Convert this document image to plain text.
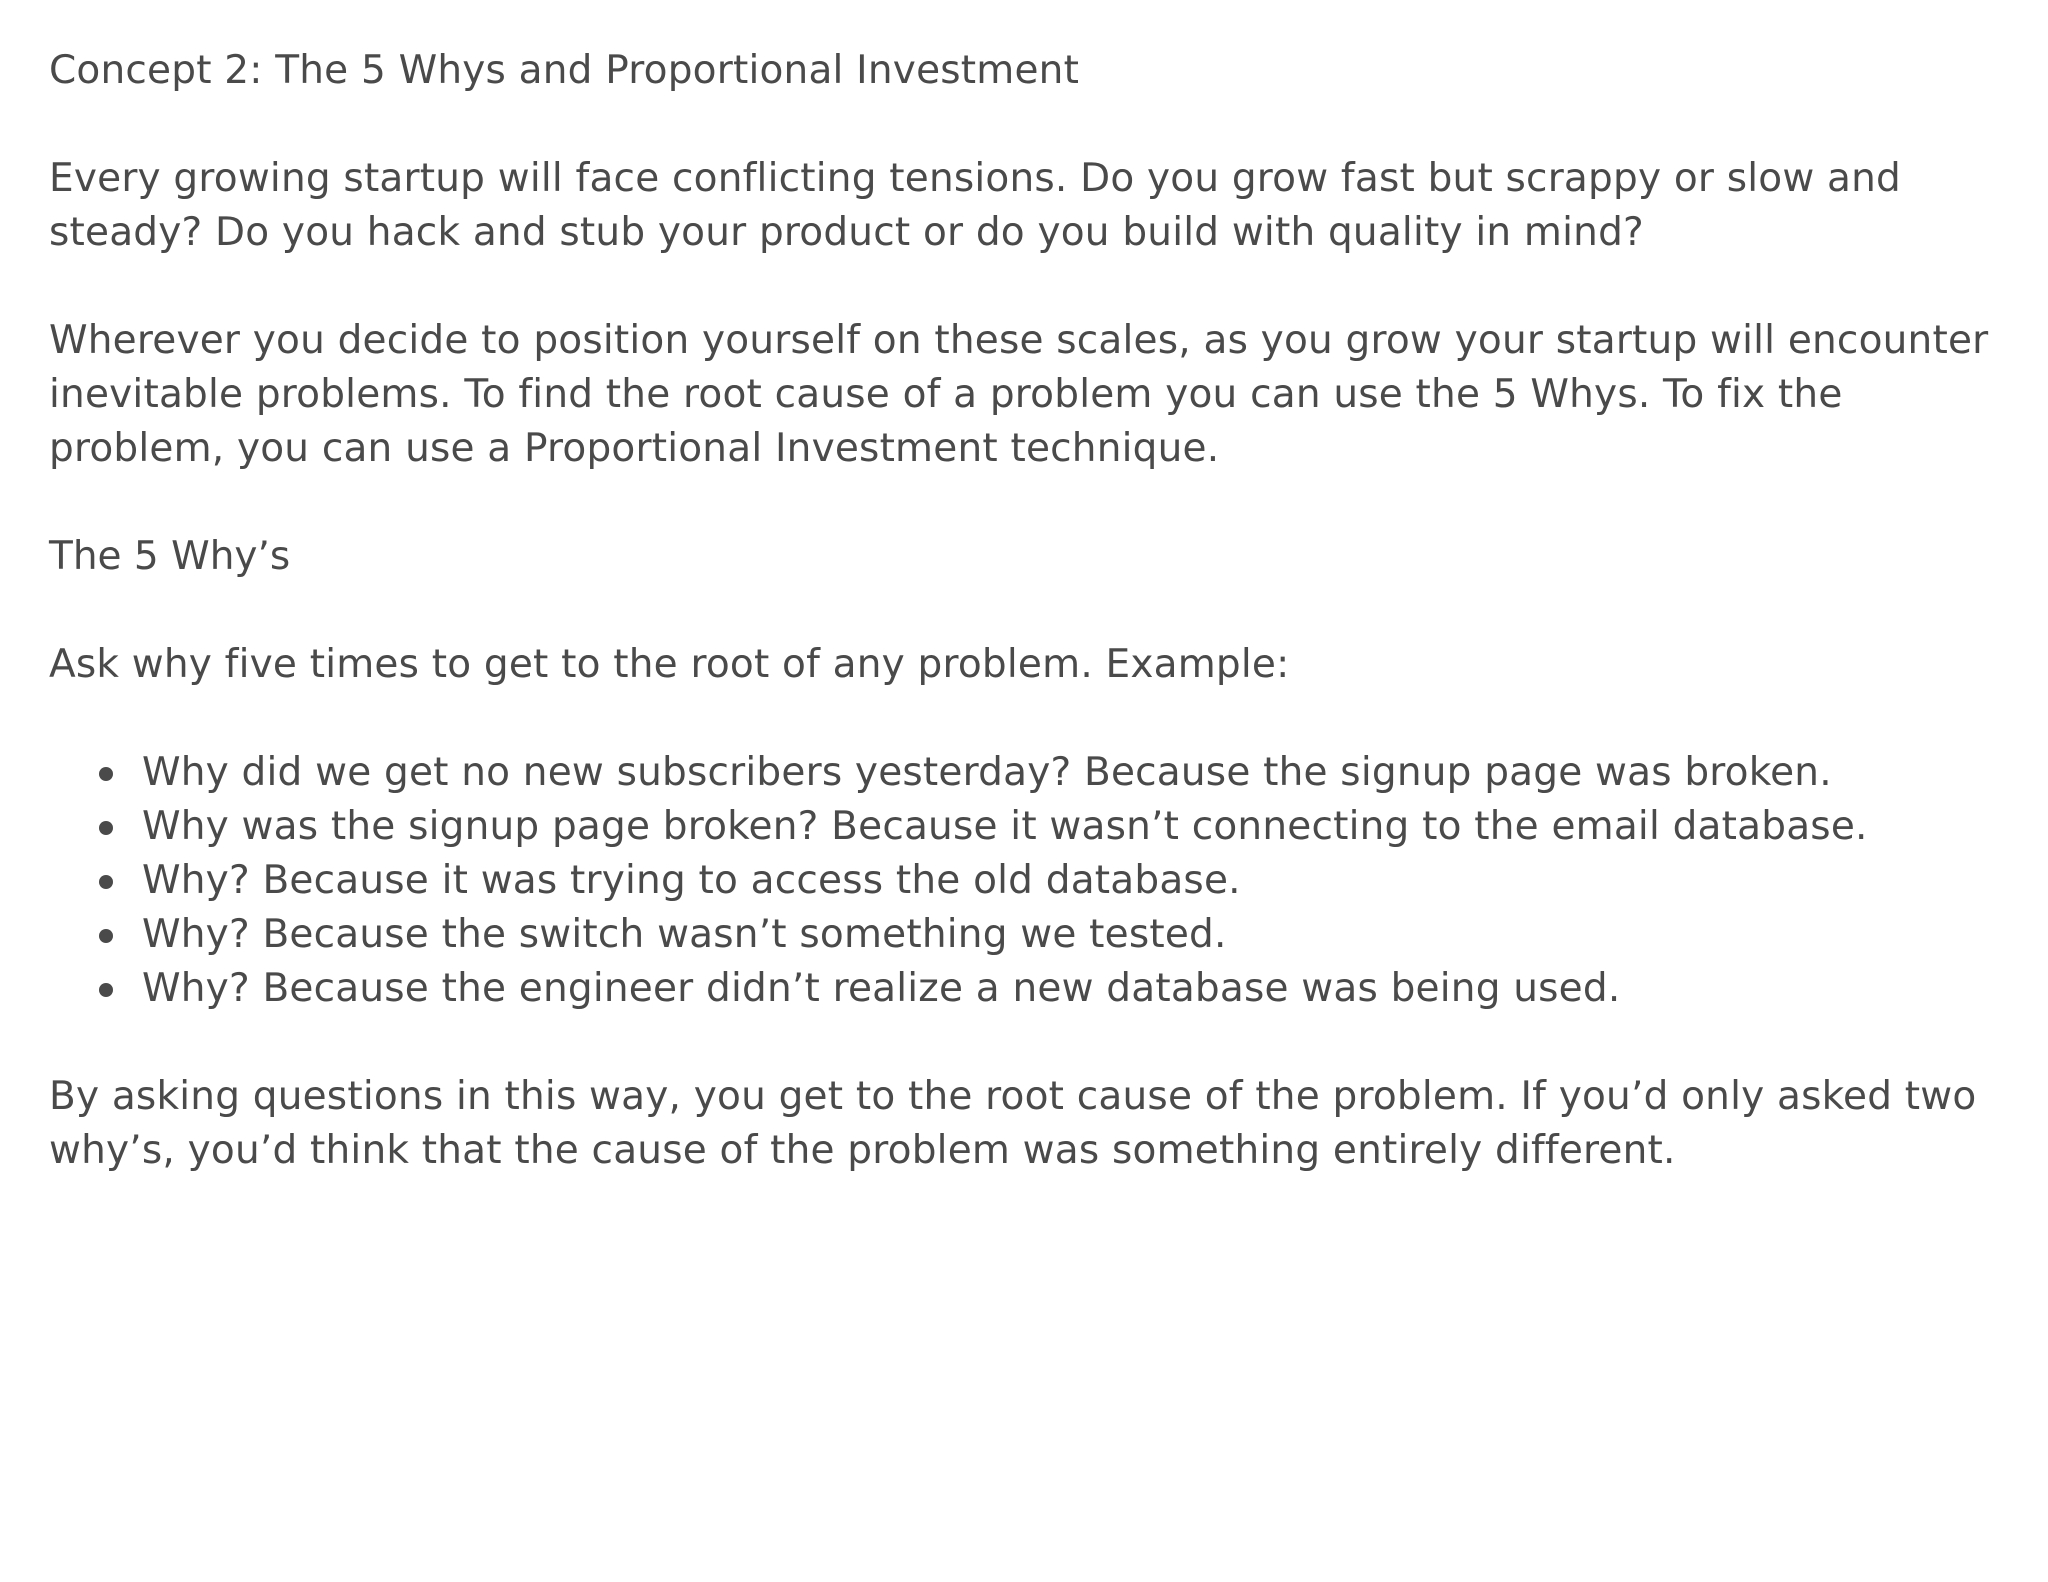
Concept 2: The 5 Whys and Proportional Investment

Every growing startup will face conflicting tensions. Do you grow fast but scrappy or slow and steady? Do you hack and stub your product or do you build with quality in mind?

Wherever you decide to position yourself on these scales, as you grow your startup will encounter inevitable problems. To find the root cause of a problem you can use the 5 Whys. To fix the problem, you can use a Proportional Investment technique.

The 5 Why’s

Ask why five times to get to the root of any problem. Example:

Why did we get no new subscribers yesterday? Because the signup page was broken.
Why was the signup page broken? Because it wasn’t connecting to the email database.
Why? Because it was trying to access the old database.
Why? Because the switch wasn’t something we tested.
Why? Because the engineer didn’t realize a new database was being used.

By asking questions in this way, you get to the root cause of the problem. If you’d only asked two why’s, you’d think that the cause of the problem was something entirely different.
